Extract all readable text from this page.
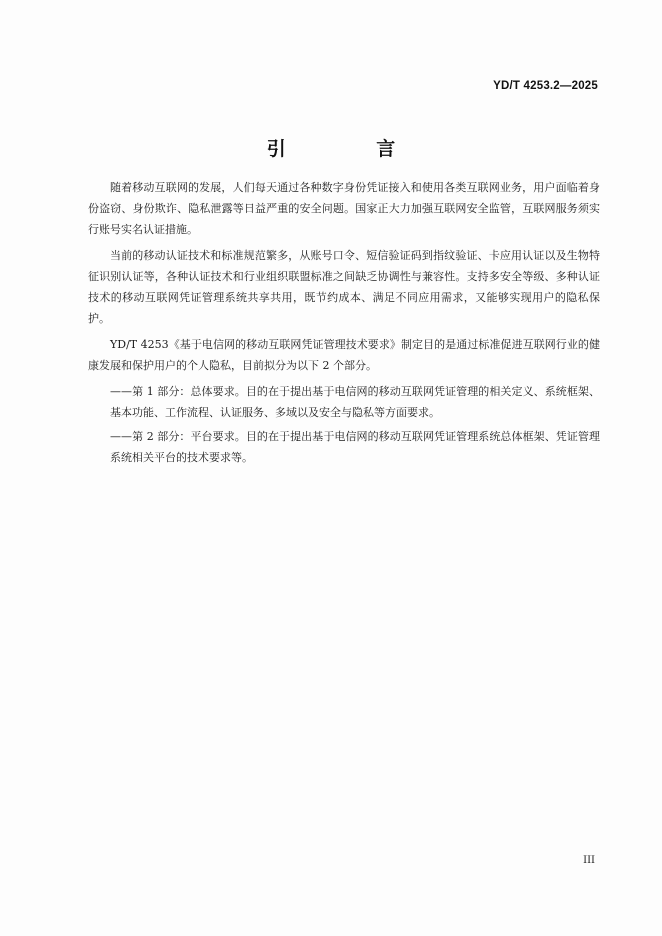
YD/T 4253.2—2025
引 言

随着移动互联网的发展，人们每天通过各种数字身份凭证接入和使用各类互联网业务，用户面临着身份盗窃、身份欺诈、隐私泄露等日益严重的安全问题。国家正大力加强互联网安全监管，互联网服务须实行账号实名认证措施。

当前的移动认证技术和标准规范繁多，从账号口令、短信验证码到指纹验证、卡应用认证以及生物特征识别认证等，各种认证技术和行业组织联盟标准之间缺乏协调性与兼容性。支持多安全等级、多种认证技术的移动互联网凭证管理系统共享共用，既节约成本、满足不同应用需求，又能够实现用户的隐私保护。

YD/T 4253《基于电信网的移动互联网凭证管理技术要求》制定目的是通过标准促进互联网行业的健康发展和保护用户的个人隐私，目前拟分为以下 2 个部分。

——第 1 部分：总体要求。目的在于提出基于电信网的移动互联网凭证管理的相关定义、系统框架、基本功能、工作流程、认证服务、多域以及安全与隐私等方面要求。

——第 2 部分：平台要求。目的在于提出基于电信网的移动互联网凭证管理系统总体框架、凭证管理系统相关平台的技术要求等。

III
